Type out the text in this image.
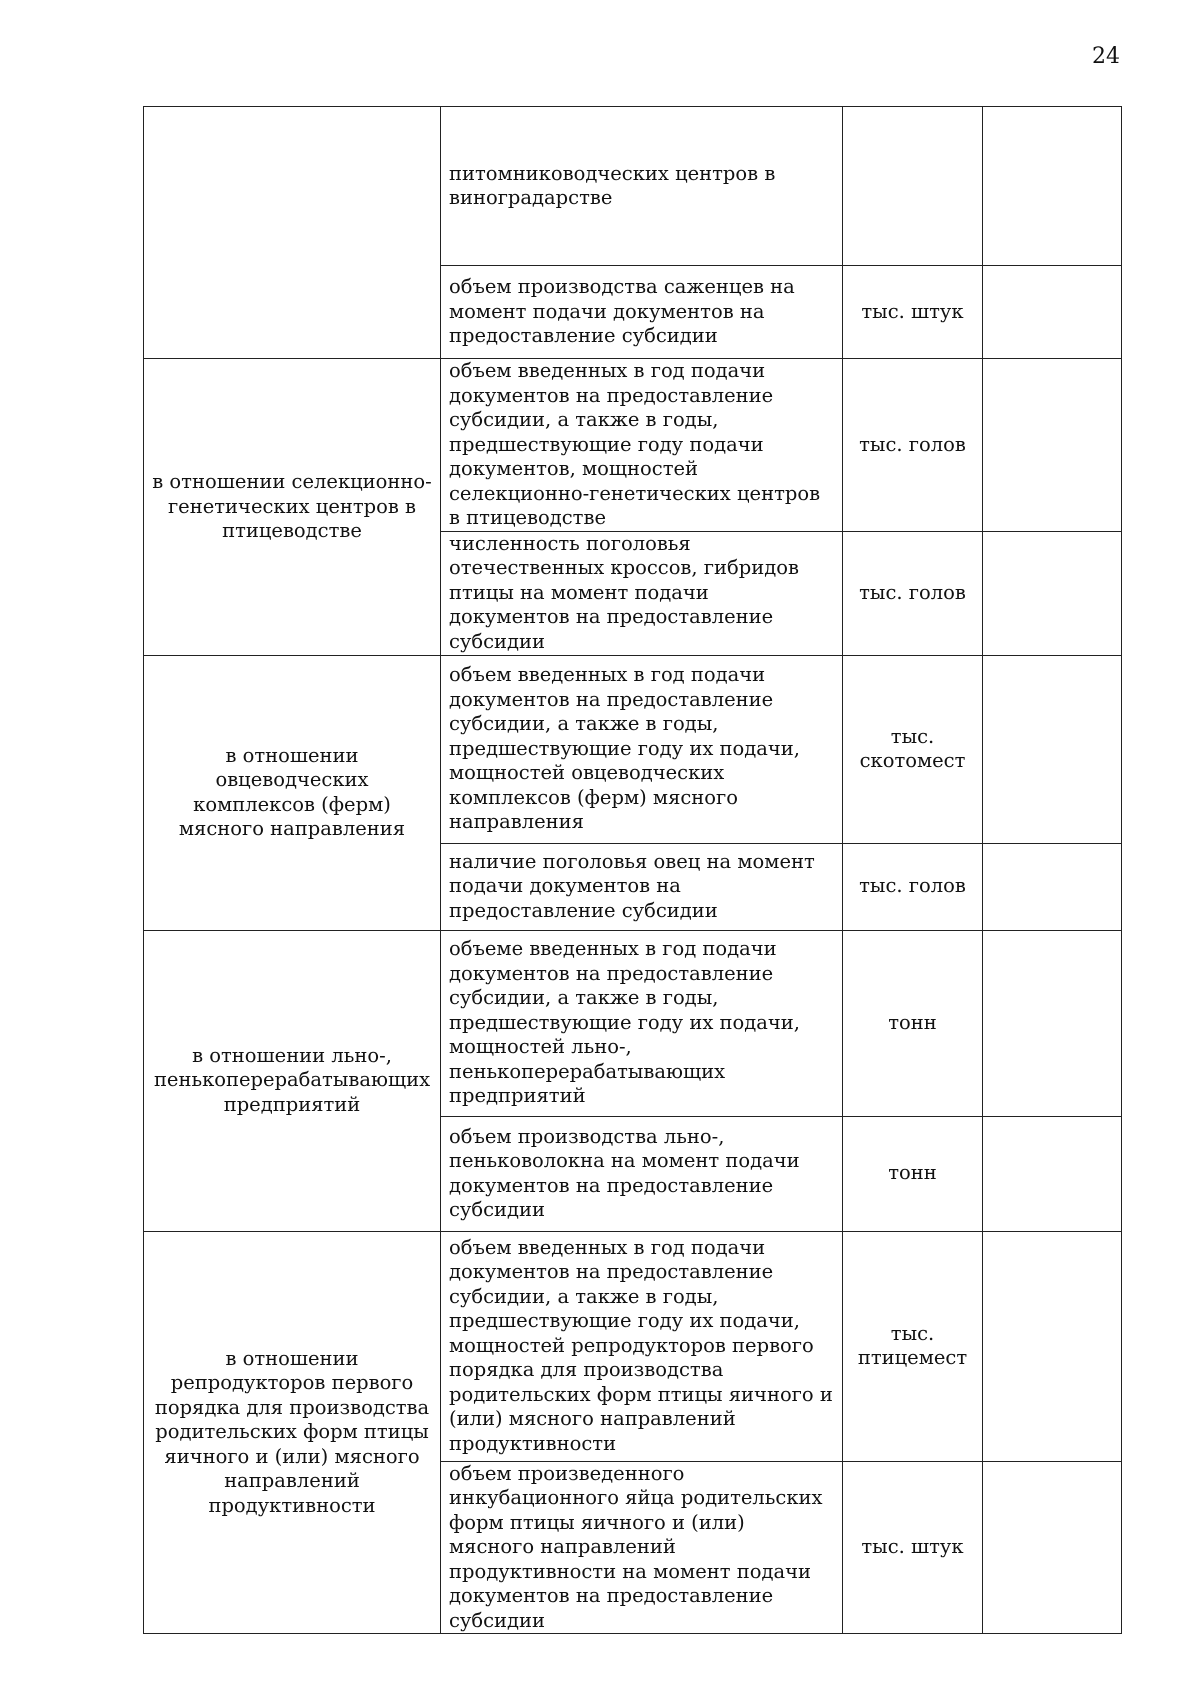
24
	питомниководческих центров в виноградарстве		
	объем производства саженцев на момент подачи документов на предоставление субсидии	тыс. штук	
в отношении селекционно-генетических центров в птицеводстве	объем введенных в год подачи документов на предоставление субсидии, а также в годы, предшествующие году подачи документов, мощностей селекционно-генетических центров в птицеводстве	тыс. голов	
	численность поголовья отечественных кроссов, гибридов птицы на момент подачи документов на предоставление субсидии	тыс. голов	
в отношении овцеводческих комплексов (ферм) мясного направления	объем введенных в год подачи документов на предоставление субсидии, а также в годы, предшествующие году их подачи, мощностей овцеводческих комплексов (ферм) мясного направления	тыс. скотомест	
	наличие поголовья овец на момент подачи документов на предоставление субсидии	тыс. голов	
в отношении льно-, пенькоперерабатывающих предприятий	объеме введенных в год подачи документов на предоставление субсидии, а также в годы, предшествующие году их подачи, мощностей льно-, пенькоперерабатывающих предприятий	тонн	
	объем производства льно-, пеньковолокна на момент подачи документов на предоставление субсидии	тонн	
в отношении репродукторов первого порядка для производства родительских форм птицы яичного и (или) мясного направлений продуктивности	объем введенных в год подачи документов на предоставление субсидии, а также в годы, предшествующие году их подачи, мощностей репродукторов первого порядка для производства родительских форм птицы яичного и (или) мясного направлений продуктивности	тыс. птицемест	
	объем произведенного инкубационного яйца родительских форм птицы яичного и (или) мясного направлений продуктивности на момент подачи документов на предоставление субсидии	тыс. штук	
